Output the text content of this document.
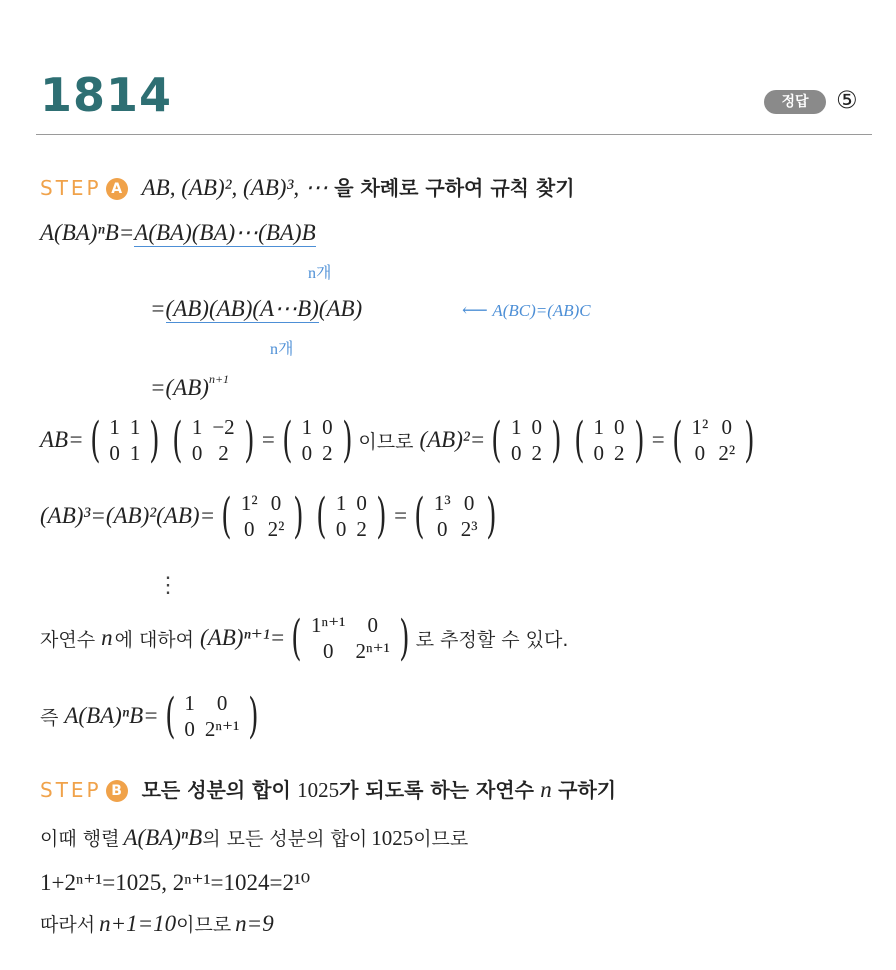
1814	정답	⑤
STEP A AB, (AB)², (AB)³, ⋯ 을 차례로 구하여 규칙 찾기
A(BA)ⁿB=A(BA)(BA)⋯(BA)B
n개
=(AB)(AB)(A⋯B)(AB)	⟵ A(BC)=(AB)C
n개
=(AB)$^{n+1}$
AB= ( 1	1
0	1 ) ( 1	−2
0	2 ) = ( 1	0
0	2 ) 이므로 (AB)²= ( 1	0
0	2 ) ( 1	0
0	2 ) = ( 1²	0
0	2² )
(AB)³=(AB)²(AB)= ( 1²	0
0	2² ) ( 1	0
0	2 ) = ( 1³	0
0	2³ )
⋮
자연수 n 에 대하여 (AB)ⁿ⁺¹= ( 1ⁿ⁺¹	0
0	2ⁿ⁺¹ ) 로 추정할 수 있다.
즉 A(BA)ⁿB= ( 1	0
0	2ⁿ⁺¹ )
STEP B 모든 성분의 합이 1025가 되도록 하는 자연수 n 구하기
이때 행렬 A(BA)ⁿB의 모든 성분의 합이 1025이므로
1+2ⁿ⁺¹=1025, 2ⁿ⁺¹=1024=2¹⁰
따라서 n+1=10이므로 n=9
